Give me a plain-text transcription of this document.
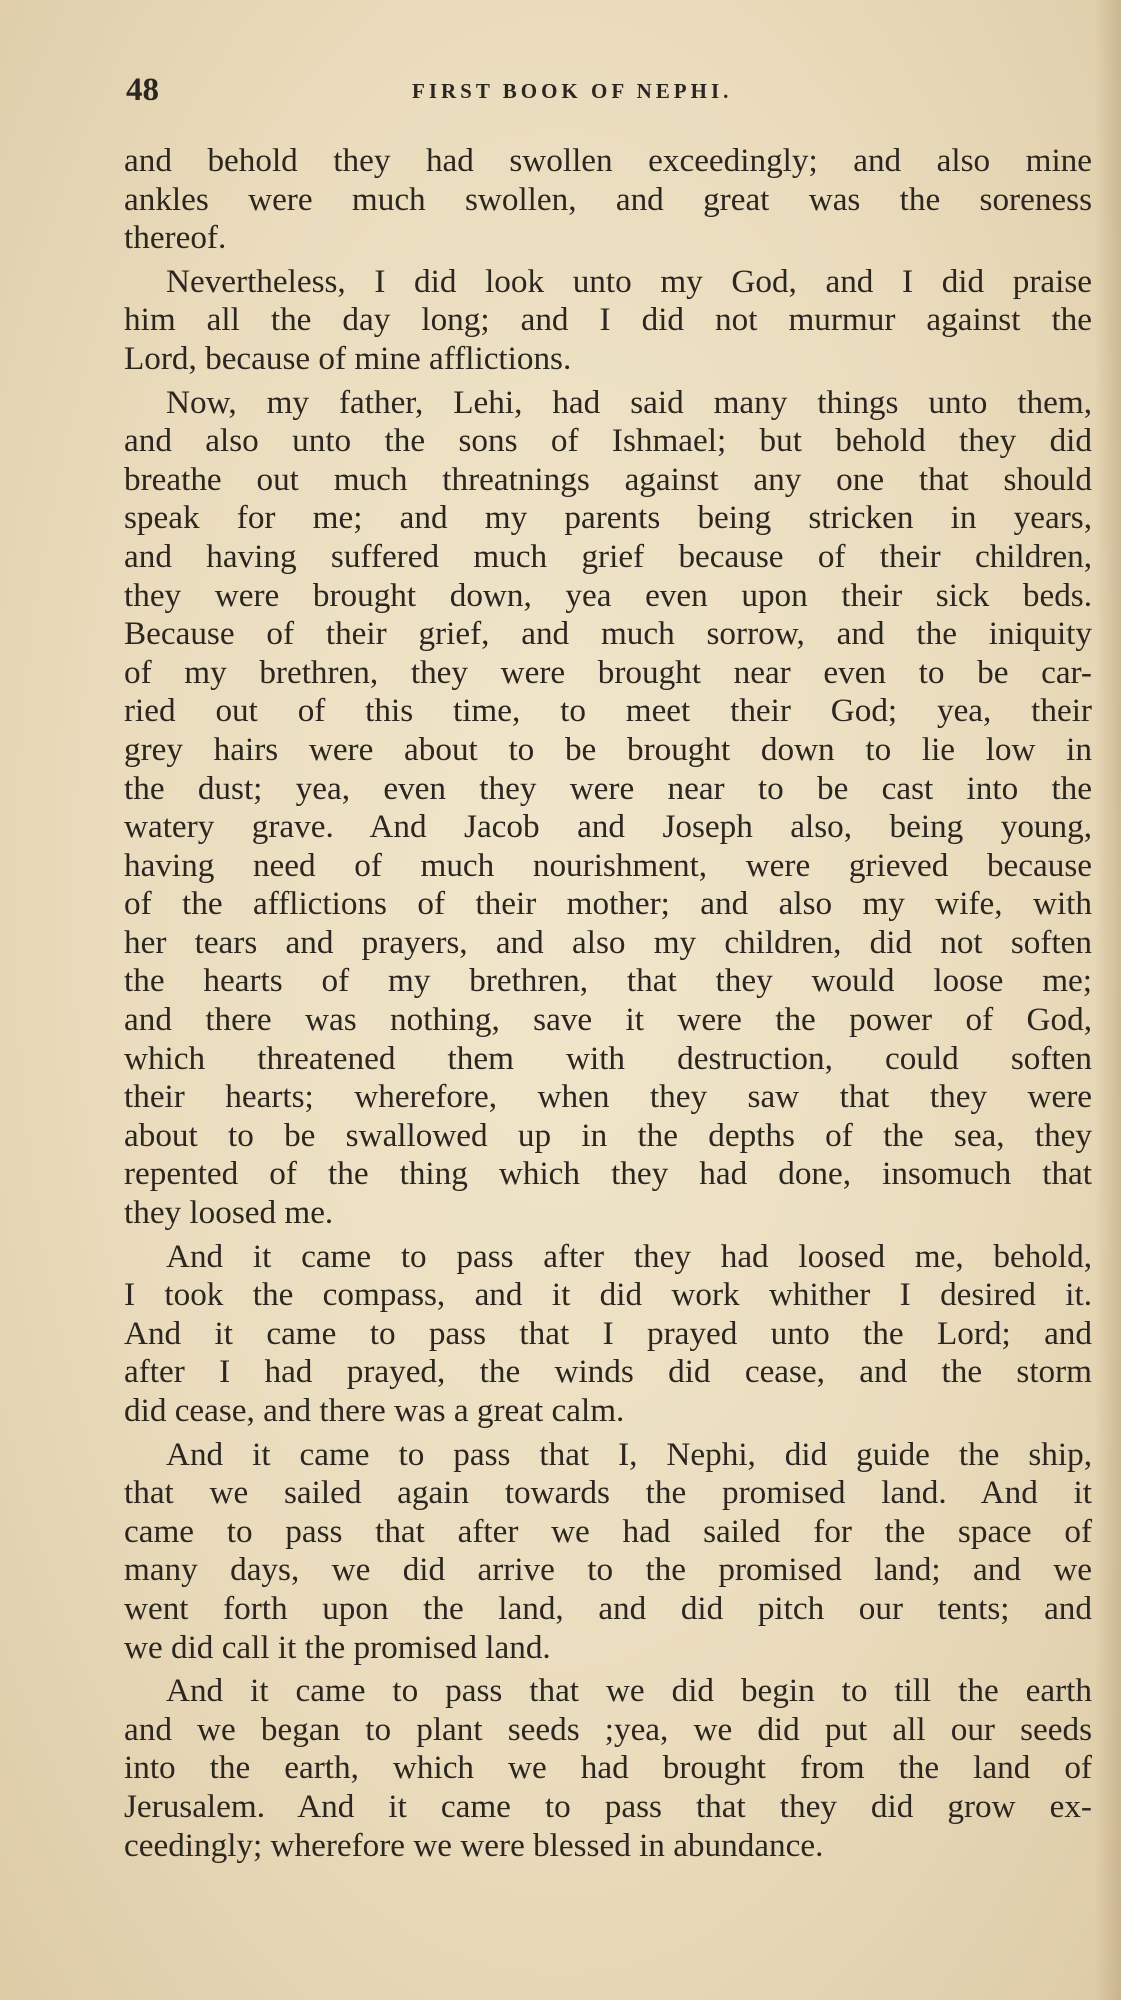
48	FIRST BOOK OF NEPHI.
and behold they had swollen exceedingly; and also mine
ankles were much swollen, and great was the soreness
thereof.
Nevertheless, I did look unto my God, and I did praise
him all the day long; and I did not murmur against the
Lord, because of mine afflictions.
Now, my father, Lehi, had said many things unto them,
and also unto the sons of Ishmael; but behold they did
breathe out much threatnings against any one that should
speak for me; and my parents being stricken in years,
and having suffered much grief because of their children,
they were brought down, yea even upon their sick beds.
Because of their grief, and much sorrow, and the iniquity
of my brethren, they were brought near even to be car-
ried out of this time, to meet their God; yea, their
grey hairs were about to be brought down to lie low in
the dust; yea, even they were near to be cast into the
watery grave. And Jacob and Joseph also, being young,
having need of much nourishment, were grieved because
of the afflictions of their mother; and also my wife, with
her tears and prayers, and also my children, did not soften
the hearts of my brethren, that they would loose me;
and there was nothing, save it were the power of God,
which threatened them with destruction, could soften
their hearts; wherefore, when they saw that they were
about to be swallowed up in the depths of the sea, they
repented of the thing which they had done, insomuch that
they loosed me.
And it came to pass after they had loosed me, behold,
I took the compass, and it did work whither I desired it.
And it came to pass that I prayed unto the Lord; and
after I had prayed, the winds did cease, and the storm
did cease, and there was a great calm.
And it came to pass that I, Nephi, did guide the ship,
that we sailed again towards the promised land. And it
came to pass that after we had sailed for the space of
many days, we did arrive to the promised land; and we
went forth upon the land, and did pitch our tents; and
we did call it the promised land.
And it came to pass that we did begin to till the earth
and we began to plant seeds ;yea, we did put all our seeds
into the earth, which we had brought from the land of
Jerusalem. And it came to pass that they did grow ex-
ceedingly; wherefore we were blessed in abundance.
